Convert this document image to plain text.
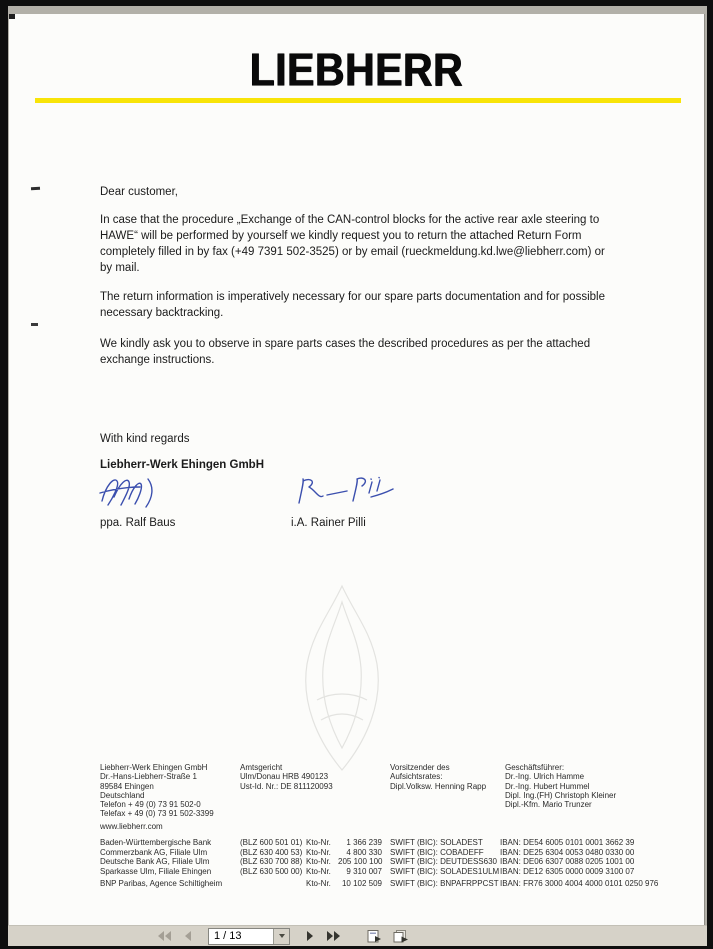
LIEBHERR

Dear customer,

In case that the procedure „Exchange of the CAN-control blocks for the active rear axle steering to HAWE“ will be performed by yourself we kindly request you to return the attached Return Form completely filled in by fax (+49 7391 502-3525) or by email (rueckmeldung.kd.lwe@liebherr.com) or by mail.

The return information is imperatively necessary for our spare parts documentation and for possible necessary backtracking.

We kindly ask you to observe in spare parts cases the described procedures as per the attached exchange instructions.

With kind regards

Liebherr-Werk Ehingen GmbH

ppa. Ralf Baus	i.A. Rainer Pilli
Liebherr-Werk Ehingen GmbH
Dr.-Hans-Liebherr-Straße 1
89584 Ehingen
Deutschland
Telefon + 49 (0) 73 91 502-0
Telefax + 49 (0) 73 91 502-3399
www.liebherr.com
Amtsgericht
Ulm/Donau HRB 490123
Ust-Id. Nr.: DE 811120093
Vorsitzender des
Aufsichtsrates:
Dipl.Volksw. Henning Rapp
Geschäftsführer:
Dr.-Ing. Ulrich Hamme
Dr.-Ing. Hubert Hummel
Dipl. Ing.(FH) Christoph Kleiner
Dipl.-Kfm. Mario Trunzer
Baden-Württembergische Bank	(BLZ 600 501 01) Kto-Nr.	1 366 239	SWIFT (BIC): SOLADEST	IBAN: DE54 6005 0101 0001 3662 39
Commerzbank AG, Filiale Ulm	(BLZ 630 400 53) Kto-Nr.	4 800 330	SWIFT (BIC): COBADEFF	IBAN: DE25 6304 0053 0480 0330 00
Deutsche Bank AG, Filiale Ulm	(BLZ 630 700 88) Kto-Nr. 205 100 100 SWIFT (BIC): DEUTDESS630 IBAN: DE06 6307 0088 0205 1001 00
Sparkasse Ulm, Filiale Ehingen	(BLZ 630 500 00) Kto-Nr.	9 310 007	SWIFT (BIC): SOLADES1ULM IBAN: DE12 6305 0000 0009 3100 07
BNP Paribas, Agence Schiltigheim	Kto-Nr.	10 102 509	SWIFT (BIC): BNPAFRPPCST IBAN: FR76 3000 4004 4000 0101 0250 976
1 / 13
